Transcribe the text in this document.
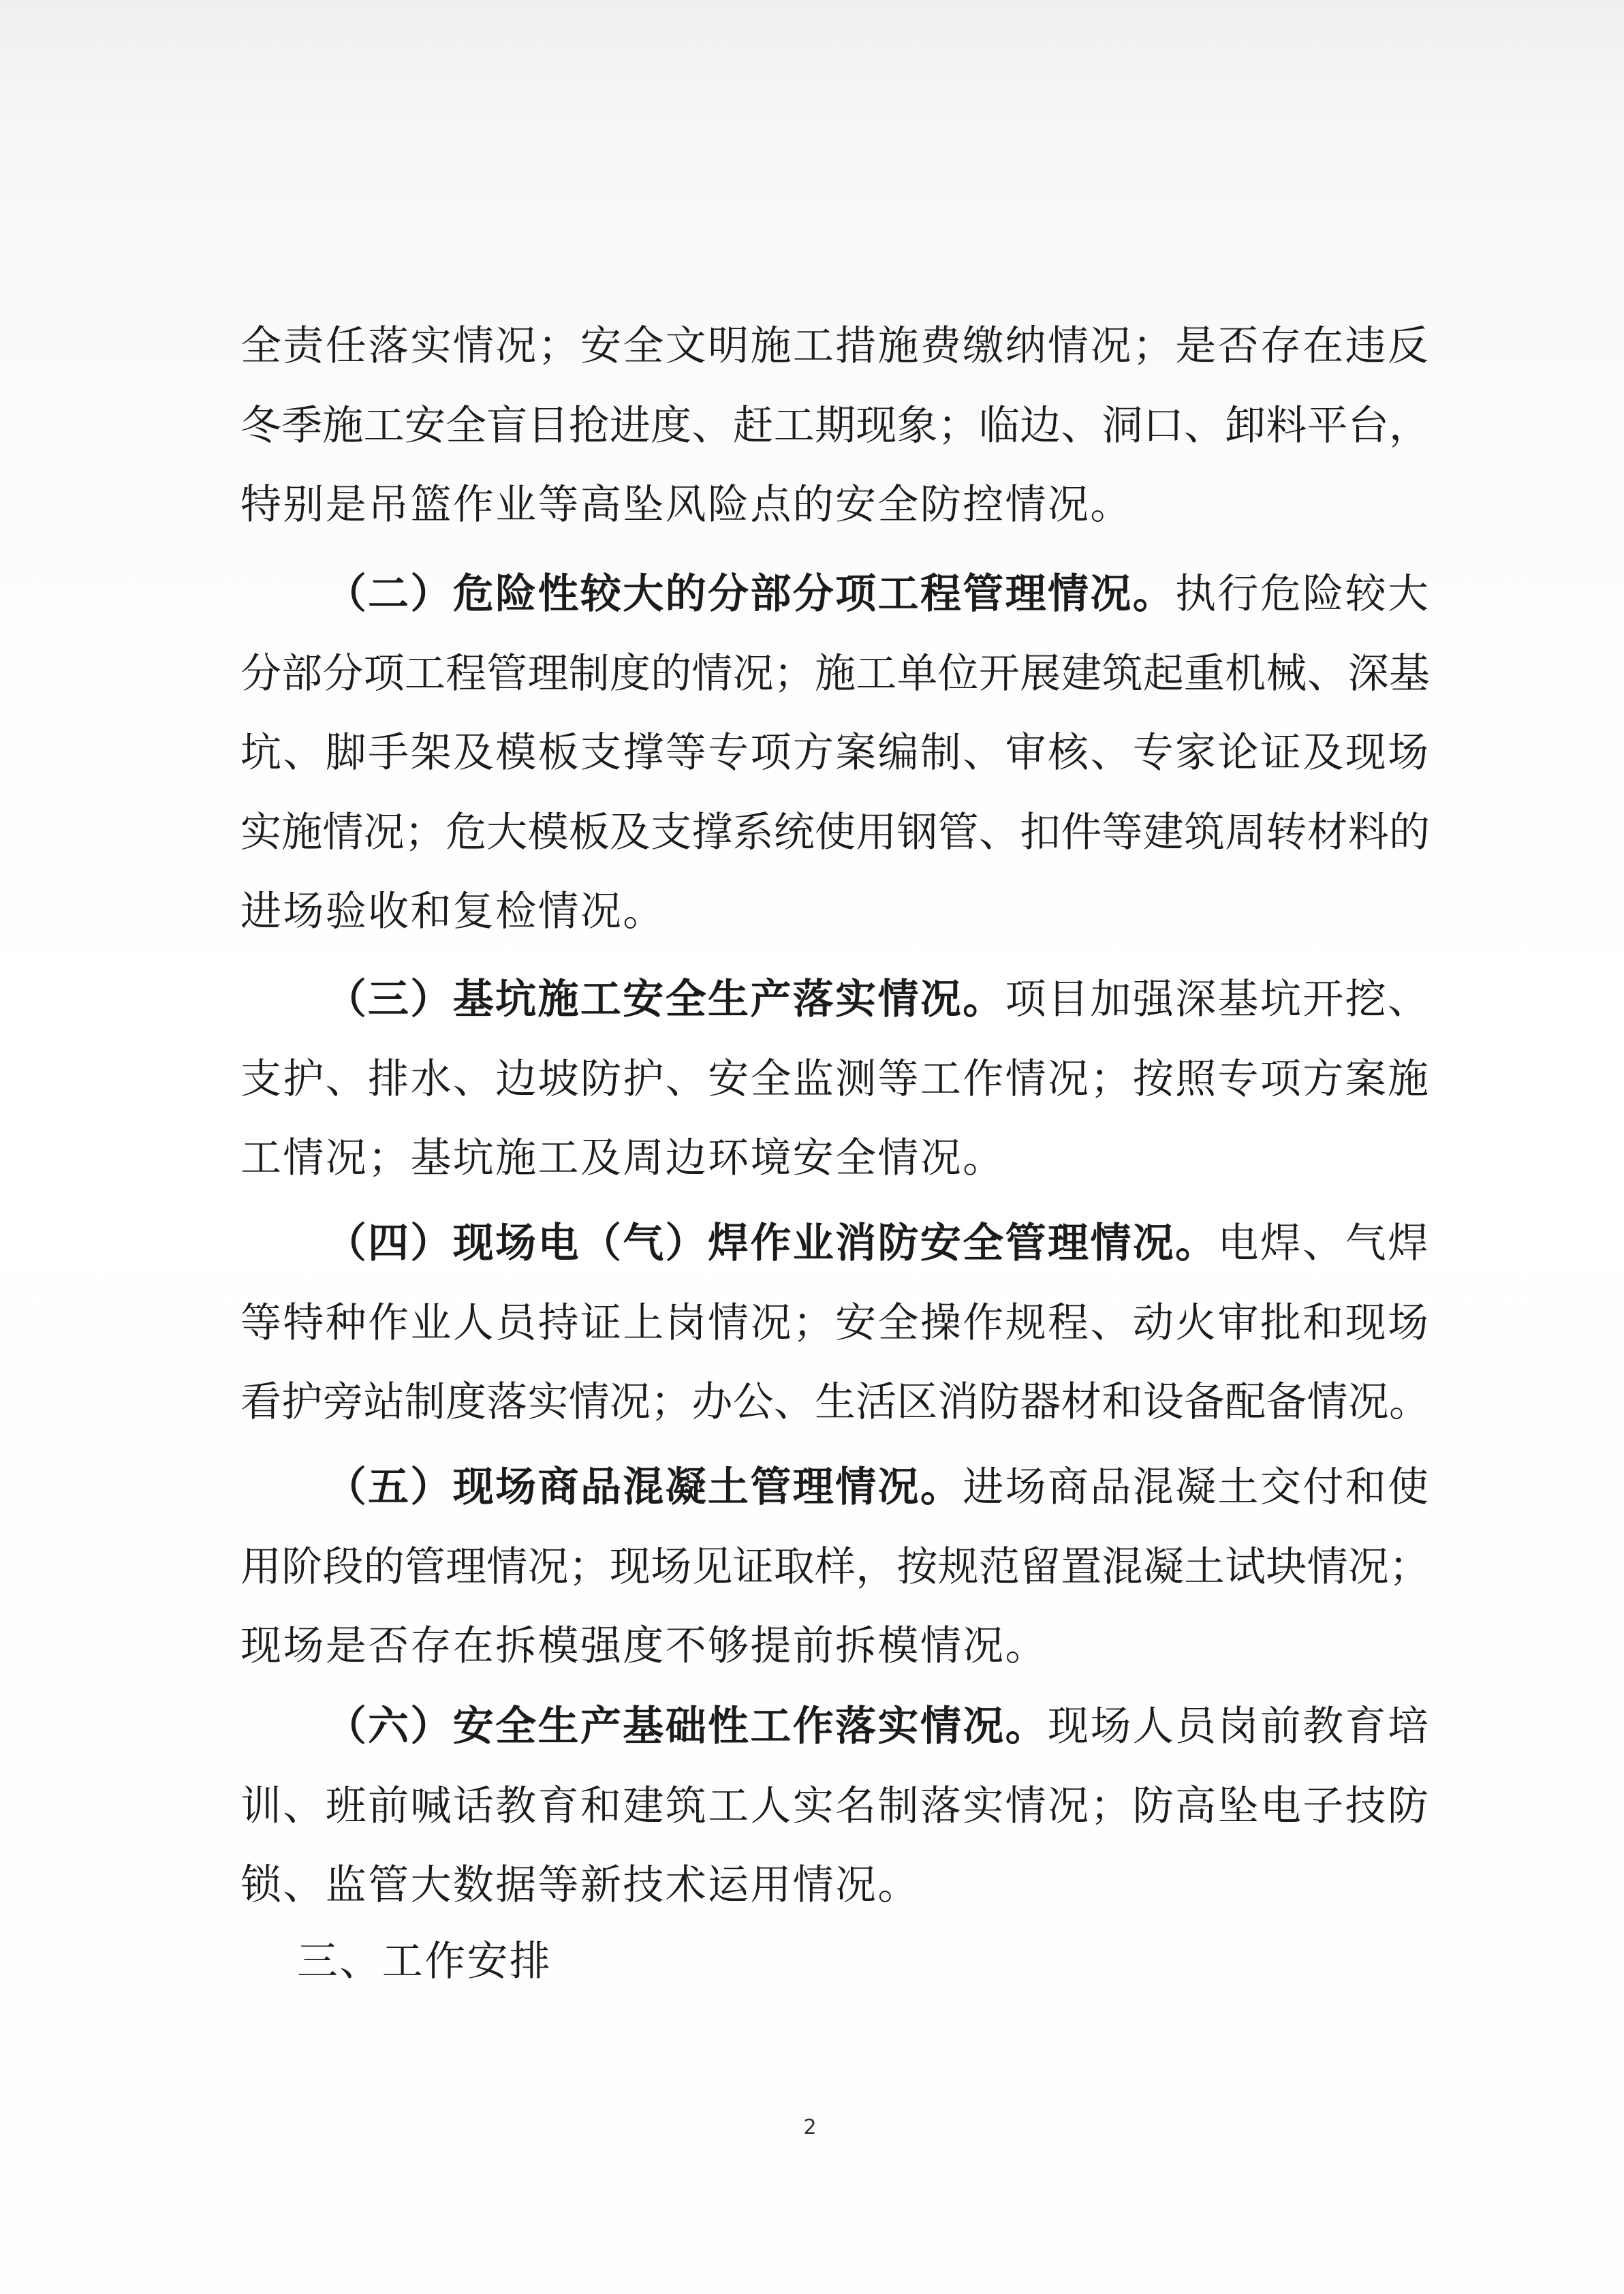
全责任落实情况；安全文明施工措施费缴纳情况；是否存在违反
冬季施工安全盲目抢进度、赶工期现象；临边、洞口、卸料平台，
特别是吊篮作业等高坠风险点的安全防控情况。
（二）危险性较大的分部分项工程管理情况。执行危险较大
分部分项工程管理制度的情况；施工单位开展建筑起重机械、深基
坑、脚手架及模板支撑等专项方案编制、审核、专家论证及现场
实施情况；危大模板及支撑系统使用钢管、扣件等建筑周转材料的
进场验收和复检情况。
（三）基坑施工安全生产落实情况。项目加强深基坑开挖、
支护、排水、边坡防护、安全监测等工作情况；按照专项方案施
工情况；基坑施工及周边环境安全情况。
（四）现场电（气）焊作业消防安全管理情况。电焊、气焊
等特种作业人员持证上岗情况；安全操作规程、动火审批和现场
看护旁站制度落实情况；办公、生活区消防器材和设备配备情况。
（五）现场商品混凝土管理情况。进场商品混凝土交付和使
用阶段的管理情况；现场见证取样，按规范留置混凝土试块情况；
现场是否存在拆模强度不够提前拆模情况。
（六）安全生产基础性工作落实情况。现场人员岗前教育培
训、班前喊话教育和建筑工人实名制落实情况；防高坠电子技防
锁、监管大数据等新技术运用情况。
三、工作安排
2
